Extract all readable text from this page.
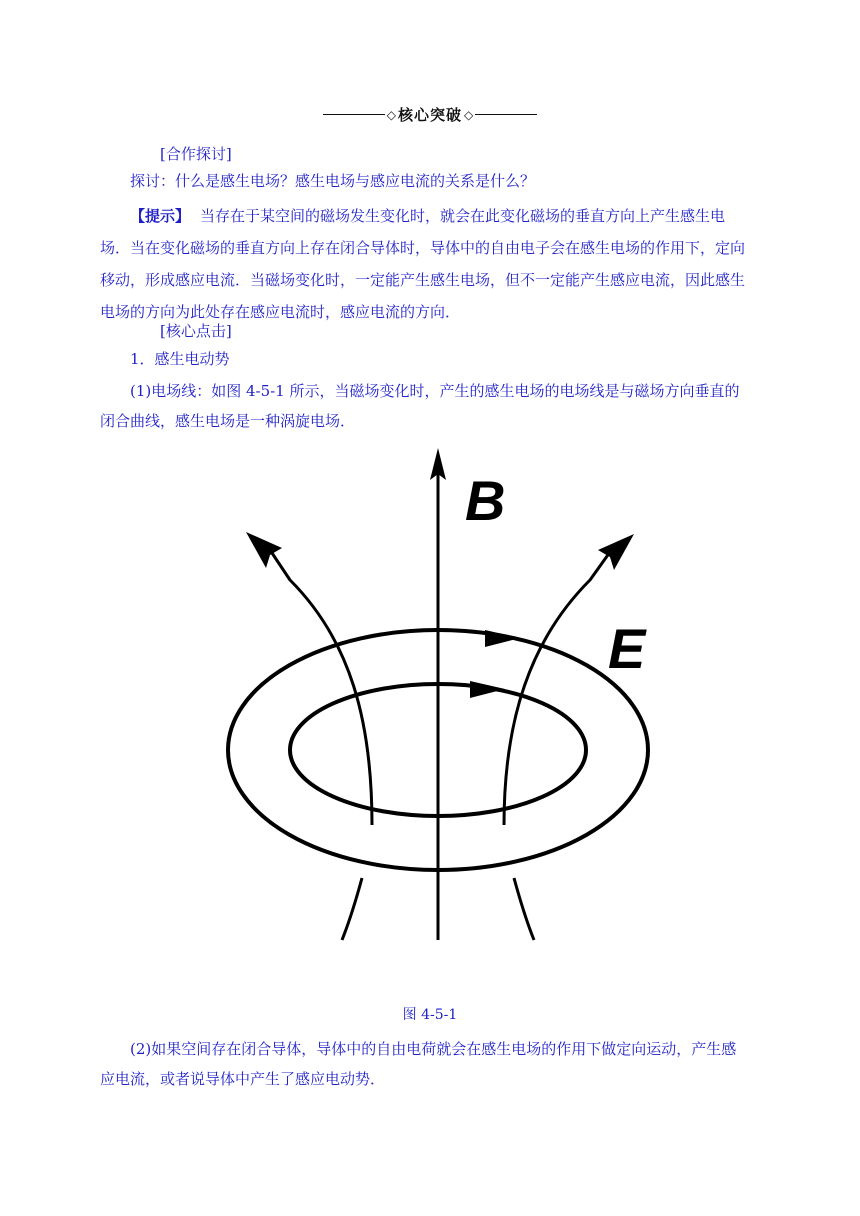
◇ 核心突破 ◇
[合作探讨]
探讨：什么是感生电场？感生电场与感应电流的关系是什么？
【提示】 当存在于某空间的磁场发生变化时，就会在此变化磁场的垂直方向上产生感生电场．当在变化磁场的垂直方向上存在闭合导体时，导体中的自由电子会在感生电场的作用下，定向移动，形成感应电流．当磁场变化时，一定能产生感生电场，但不一定能产生感应电流，因此感生电场的方向为此处存在感应电流时，感应电流的方向．
[核心点击]
1．感生电动势
(1)电场线：如图 4-5-1 所示，当磁场变化时，产生的感生电场的电场线是与磁场方向垂直的闭合曲线，感生电场是一种涡旋电场．
B
E
图 4-5-1
(2)如果空间存在闭合导体，导体中的自由电荷就会在感生电场的作用下做定向运动，产生感应电流，或者说导体中产生了感应电动势．
